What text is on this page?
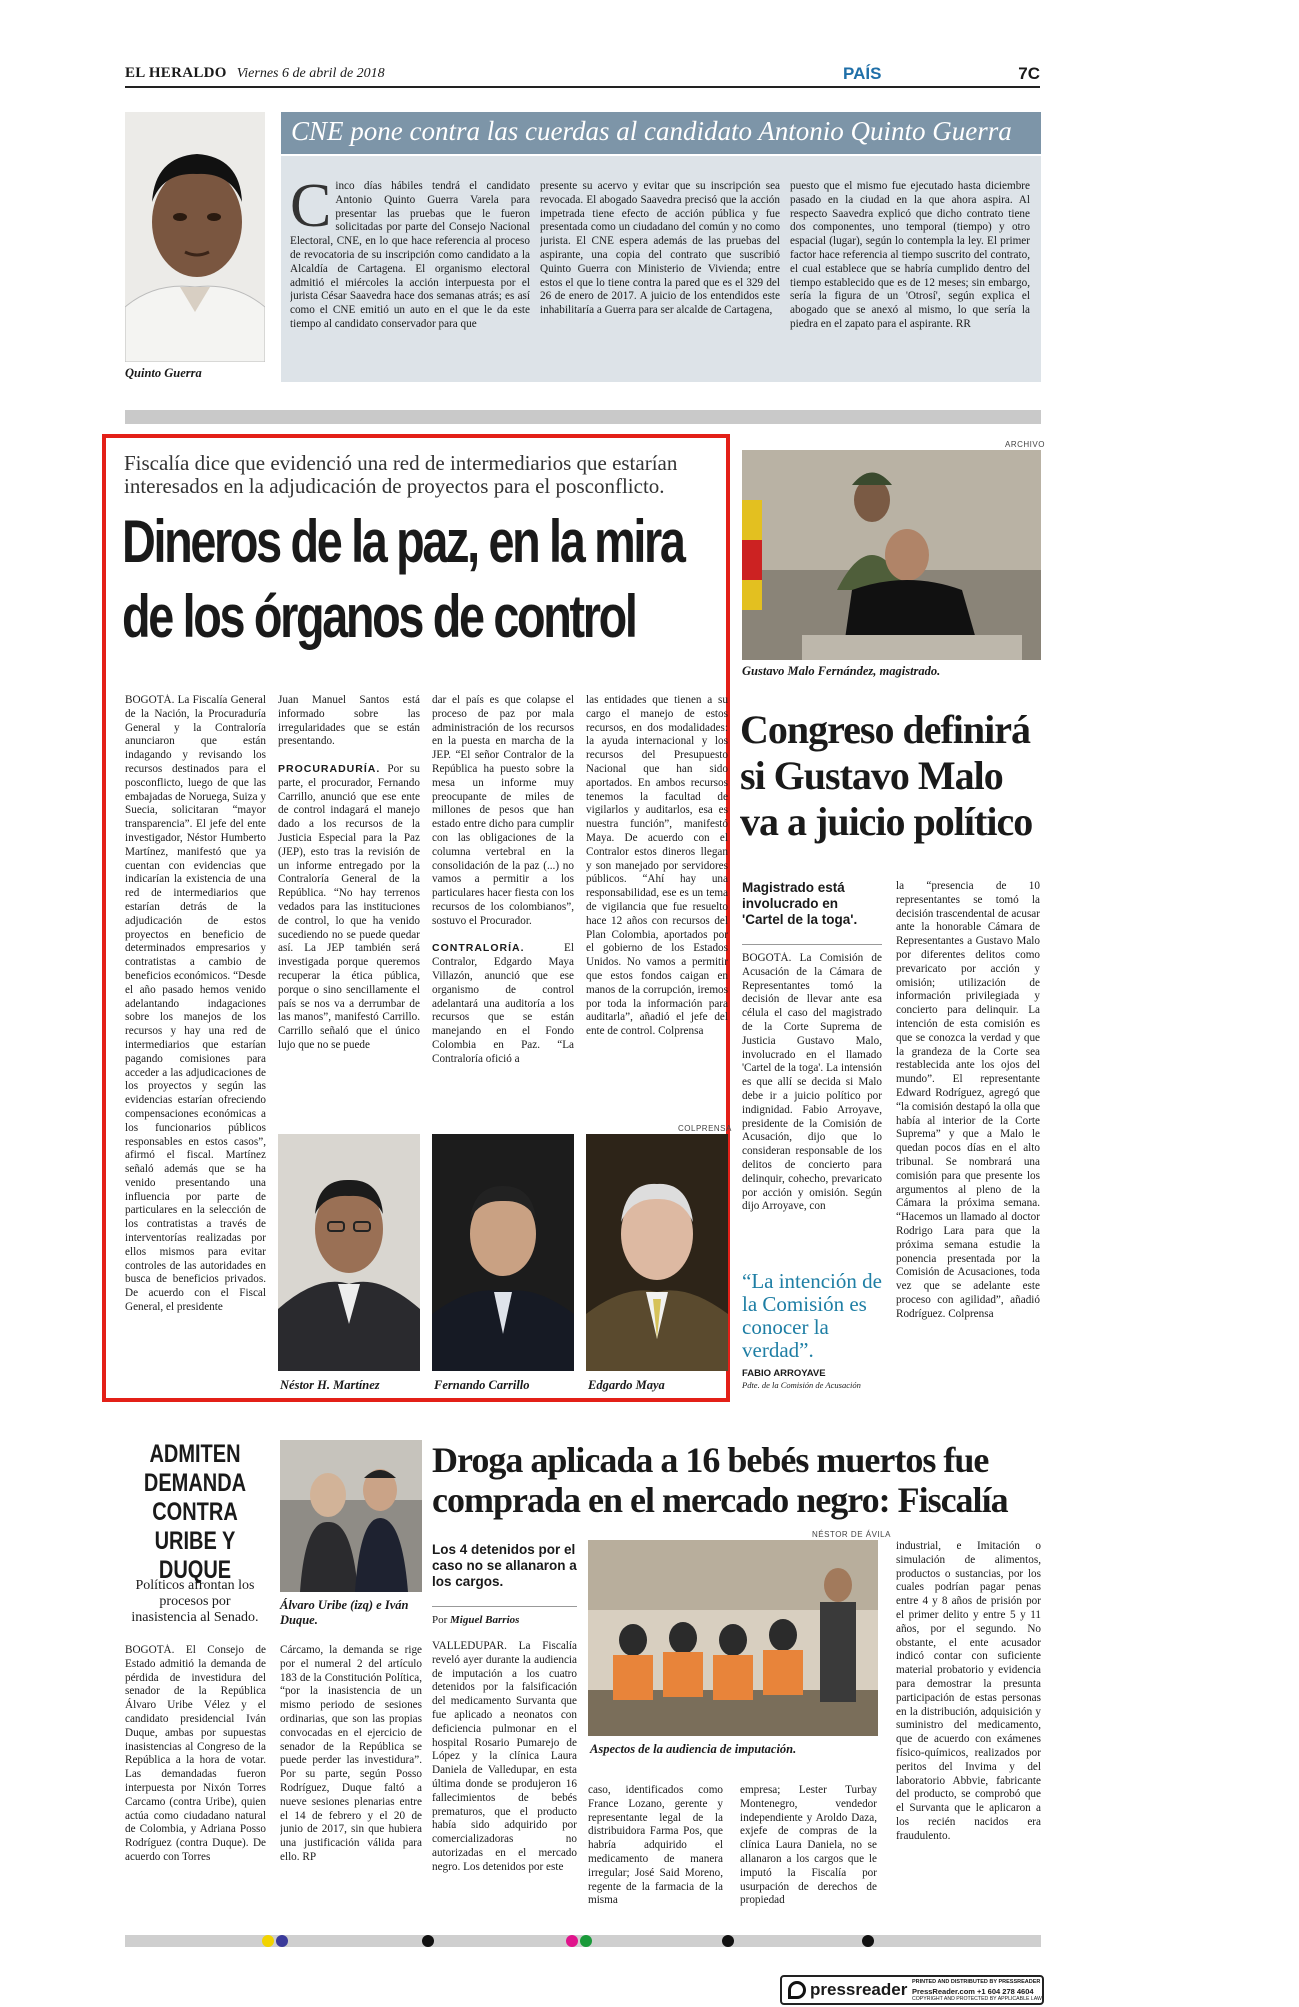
EL HERALDO Viernes 6 de abril de 2018	PAÍS	7C
Quinto Guerra
CNE pone contra las cuerdas al candidato Antonio Quinto Guerra
C inco días hábiles tendrá el candidato Antonio Quinto Guerra Varela para presentar las pruebas que le fueron solicitadas por parte del Consejo Nacional Electoral, CNE, en lo que hace referencia al proceso de revocatoria de su inscripción como candidato a la Alcaldía de Cartagena. El organismo electoral admitió el miércoles la acción interpuesta por el jurista César Saavedra hace dos semanas atrás; es así como el CNE emitió un auto en el que le da este tiempo al candidato conservador para que
presente su acervo y evitar que su inscripción sea revocada. El abogado Saavedra precisó que la acción impetrada tiene efecto de acción pública y fue presentada como un ciudadano del común y no como jurista. El CNE espera además de las pruebas del aspirante, una copia del contrato que suscribió Quinto Guerra con Ministerio de Vivienda; entre estos el que lo tiene contra la pared que es el 329 del 26 de enero de 2017. A juicio de los entendidos este inhabilitaría a Guerra para ser alcalde de Cartagena,
puesto que el mismo fue ejecutado hasta diciembre pasado en la ciudad en la que ahora aspira. Al respecto Saavedra explicó que dicho contrato tiene dos componentes, uno temporal (tiempo) y otro espacial (lugar), según lo contempla la ley. El primer factor hace referencia al tiempo suscrito del contrato, el cual establece que se habría cumplido dentro del tiempo establecido que es de 12 meses; sin embargo, sería la figura de un 'Otrosí', según explica el abogado que se anexó al mismo, lo que sería la piedra en el zapato para el aspirante. RR
Fiscalía dice que evidenció una red de intermediarios que estarían interesados en la adjudicación de proyectos para el posconflicto.
Dineros de la paz, en la mira
de los órganos de control
BOGOTÁ. La Fiscalía General de la Nación, la Procuraduría General y la Contraloría anunciaron que están indagando y revisando los recursos destinados para el posconflicto, luego de que las embajadas de Noruega, Suiza y Suecia, solicitaran “mayor transparencia”. El jefe del ente investigador, Néstor Humberto Martínez, manifestó que ya cuentan con evidencias que indicarían la existencia de una red de intermediarios que estarían detrás de la adjudicación de estos proyectos en beneficio de determinados empresarios y contratistas a cambio de beneficios económicos. “Desde el año pasado hemos venido adelantando indagaciones sobre los manejos de los recursos y hay una red de intermediarios que estarían pagando comisiones para acceder a las adjudicaciones de los proyectos y según las evidencias estarían ofreciendo compensaciones económicas a los funcionarios públicos responsables en estos casos”, afirmó el fiscal. Martínez señaló además que se ha venido presentando una influencia por parte de particulares en la selección de los contratistas a través de interventorías realizadas por ellos mismos para evitar controles de las autoridades en busca de beneficios privados. De acuerdo con el Fiscal General, el presidente
Juan Manuel Santos está informado sobre las irregularidades que se están presentando.

PROCURADURÍA. Por su parte, el procurador, Fernando Carrillo, anunció que ese ente de control indagará el manejo dado a los recursos de la Justicia Especial para la Paz (JEP), esto tras la revisión de un informe entregado por la Contraloría General de la República. “No hay terrenos vedados para las instituciones de control, lo que ha venido sucediendo no se puede quedar así. La JEP también será investigada porque queremos recuperar la ética pública, porque o sino sencillamente el país se nos va a derrumbar de las manos”, manifestó Carrillo. Carrillo señaló que el único lujo que no se puede
dar el país es que colapse el proceso de paz por mala administración de los recursos en la puesta en marcha de la JEP. “El señor Contralor de la República ha puesto sobre la mesa un informe muy preocupante de miles de millones de pesos que han estado entre dicho para cumplir con las obligaciones de la columna vertebral en la consolidación de la paz (...) no vamos a permitir a los particulares hacer fiesta con los recursos de los colombianos”, sostuvo el Procurador.

CONTRALORÍA.	El Contralor, Edgardo Maya Villazón, anunció que ese organismo de control adelantará una auditoría a los recursos que se están manejando en el Fondo Colombia en Paz. “La Contraloría ofició a
las entidades que tienen a su cargo el manejo de estos recursos, en dos modalidades: la ayuda internacional y los recursos del Presupuesto Nacional que han sido aportados. En ambos recursos tenemos la facultad de vigilarlos y auditarlos, esa es nuestra función”, manifestó Maya. De acuerdo con el Contralor estos dineros llegan y son manejado por servidores públicos. “Ahí hay una responsabilidad, ese es un tema de vigilancia que fue resuelto hace 12 años con recursos del Plan Colombia, aportados por el gobierno de los Estados Unidos. No vamos a permitir que estos fondos caigan en manos de la corrupción, iremos por toda la información para auditarla”, añadió el jefe del ente de control. Colprensa
COLPRENSA
Néstor H. Martínez	Fernando Carrillo	Edgardo Maya
ARCHIVO
Gustavo Malo Fernández, magistrado.
Congreso definirá si Gustavo Malo va a juicio político
Magistrado está involucrado en 'Cartel de la toga'.
BOGOTÁ. La Comisión de Acusación de la Cámara de Representantes tomó la decisión de llevar ante esa célula el caso del magistrado de la Corte Suprema de Justicia Gustavo Malo, involucrado en el llamado 'Cartel de la toga'. La intensión es que allí se decida si Malo debe ir a juicio político por indignidad. Fabio Arroyave, presidente de la Comisión de Acusación, dijo que lo consideran responsable de los delitos de concierto para delinquir, cohecho, prevaricato por acción y omisión. Según dijo Arroyave, con
“La intención de la Comisión es conocer la verdad”.
FABIO ARROYAVE
Pdte. de la Comisión de Acusación
la “presencia de 10 representantes se tomó la decisión trascendental de acusar ante la honorable Cámara de Representantes a Gustavo Malo por diferentes delitos como prevaricato por acción y omisión; utilización de información privilegiada y concierto para delinquir. La intención de esta comisión es que se conozca la verdad y que la grandeza de la Corte sea restablecida ante los ojos del mundo”. El representante Edward Rodríguez, agregó que “la comisión destapó la olla que había al interior de la Corte Suprema” y que a Malo le quedan pocos días en el alto tribunal. Se nombrará una comisión para que presente los argumentos al pleno de la Cámara la próxima semana. “Hacemos un llamado al doctor Rodrigo Lara para que la próxima semana estudie la ponencia presentada por la Comisión de Acusaciones, toda vez que se adelante este proceso con agilidad”, añadió Rodríguez. Colprensa
ADMITEN DEMANDA CONTRA URIBE Y DUQUE
Políticos afrontan los procesos por inasistencia al Senado.
Álvaro Uribe (izq) e Iván Duque.
BOGOTÁ. El Consejo de Estado admitió la demanda de pérdida de investidura del senador de la República Álvaro Uribe Vélez y el candidato presidencial Iván Duque, ambas por supuestas inasistencias al Congreso de la República a la hora de votar. Las demandadas fueron interpuesta por Nixón Torres Carcamo (contra Uribe), quien actúa como ciudadano natural de Colombia, y Adriana Posso Rodríguez (contra Duque). De acuerdo con Torres
Cárcamo, la demanda se rige por el numeral 2 del artículo 183 de la Constitución Política, “por la inasistencia de un mismo periodo de sesiones ordinarias, que son las propias convocadas en el ejercicio de senador de la República se puede perder las investidura”. Por su parte, según Posso Rodríguez, Duque faltó a nueve sesiones plenarias entre el 14 de febrero y el 20 de junio de 2017, sin que hubiera una justificación válida para ello. RP
Droga aplicada a 16 bebés muertos fue comprada en el mercado negro: Fiscalía
Los 4 detenidos por el caso no se allanaron a los cargos.
Por Miguel Barrios
VALLEDUPAR. La Fiscalía reveló ayer durante la audiencia de imputación a los cuatro detenidos por la falsificación del medicamento Survanta que fue aplicado a neonatos con deficiencia pulmonar en el hospital Rosario Pumarejo de López y la clínica Laura Daniela de Valledupar, en esta última donde se produjeron 16 fallecimientos de bebés prematuros, que el producto había sido adquirido por comercializadoras no autorizadas en el mercado negro. Los detenidos por este
NÉSTOR DE ÁVILA
Aspectos de la audiencia de imputación.
caso, identificados como France Lozano, gerente y representante legal de la distribuidora Farma Pos, que habría adquirido el medicamento de manera irregular; José Said Moreno, regente de la farmacia de la misma
empresa; Lester Turbay Montenegro, vendedor independiente y Aroldo Daza, exjefe de compras de la clínica Laura Daniela, no se allanaron a los cargos que le imputó la Fiscalía por usurpación de derechos de propiedad
industrial, e Imitación o simulación de alimentos, productos o sustancias, por los cuales podrían pagar penas entre 4 y 8 años de prisión por el primer delito y entre 5 y 11 años, por el segundo. No obstante, el ente acusador indicó contar con suficiente material probatorio y evidencia para demostrar la presunta participación de estas personas en la distribución, adquisición y suministro del medicamento, que de acuerdo con exámenes físico-químicos, realizados por peritos del Invima y del laboratorio Abbvie, fabricante del producto, se comprobó que el Survanta que le aplicaron a los recién nacidos era fraudulento.
pressreader PRINTED AND DISTRIBUTED BY PRESSREADER
PressReader.com +1 604 278 4604
COPYRIGHT AND PROTECTED BY APPLICABLE LAW
